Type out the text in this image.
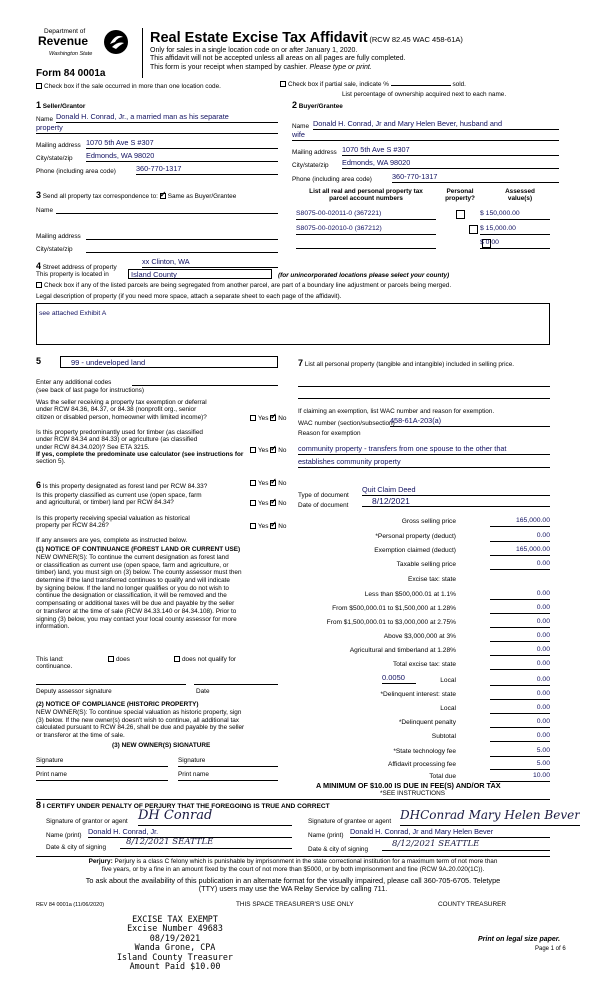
Department of
Revenue
Washington State
Form 84 0001a
Real Estate Excise Tax Affidavit (RCW 82.45 WAC 458-61A)
Only for sales in a single location code on or after January 1, 2020.
This affidavit will not be accepted unless all areas on all pages are fully completed.
This form is your receipt when stamped by cashier. Please type or print.
Check box if the sale occurred in more than one location code.	Check box if partial sale, indicate %	sold.
List percentage of ownership acquired next to each name.
1 Seller/Grantor
Name Donald H. Conrad, Jr., a married man as his separate
property
Mailing address 1070 5th Ave S #307
City/state/zip Edmonds, WA 98020
Phone (including area code)	360-770-1317
2 Buyer/Grantee
Name Donald H. Conrad, Jr and Mary Helen Bever, husband and
wife
Mailing address 1070 5th Ave S #307
City/state/zip Edmonds, WA 98020
Phone (including area code)	360-770-1317
3 Send all property tax correspondence to: ✓ Same as Buyer/Grantee
Name
Mailing address
City/state/zip
List all real and personal property tax
parcel account numbers
Personal
property?
Assessed
value(s)
S8075-00-02011-0 (367221)
	$ 150,000.00
S8075-00-02010-0 (367212)
	$ 15,000.00
$ 0.00
4 Street address of property
xx Clinton, WA
This property is located in	Island County	(for unincorporated locations please select your county)
Check box if any of the listed parcels are being segregated from another parcel, are part of a boundary line adjustment or parcels being merged.
Legal description of property (if you need more space, attach a separate sheet to each page of the affidavit).
see attached Exhibit A
5	99 - undeveloped land
Enter any additional codes
(see back of last page for instructions)
Was the seller receiving a property tax exemption or deferral
under RCW 84.36, 84.37, or 84.38 (nonprofit org., senior
citizen or disabled person, homeowner with limited income)?	Yes ✓ No
Is this property predominantly used for timber (as classified
under RCW 84.34 and 84.33) or agriculture (as classified
under RCW 84.34.020)? See ETA 3215.
If yes, complete the predominate use calculator (see instructions for
section 5).
Yes ✓ No
6 Is this property designated as forest land per RCW 84.33?	Yes ✓ No
Is this property classified as current use (open space, farm
and agricultural, or timber) land per RCW 84.34?	Yes ✓ No
Is this property receiving special valuation as historical
property per RCW 84.26?	Yes ✓ No
If any answers are yes, complete as instructed below.
(1) NOTICE OF CONTINUANCE (FOREST LAND OR CURRENT USE)
NEW OWNER(S): To continue the current designation as forest land
or classification as current use (open space, farm and agriculture, or
timber) land, you must sign on (3) below. The county assessor must then
determine if the land transferred continues to qualify and will indicate
by signing below. If the land no longer qualifies or you do not wish to
continue the designation or classification, it will be removed and the
compensating or additional taxes will be due and payable by the seller
or transferor at the time of sale (RCW 84.33.140 or 84.34.108). Prior to
signing (3) below, you may contact your local county assessor for more
information.
This land:
continuance.
does	does not qualify for
Deputy assessor signature	Date
(2) NOTICE OF COMPLIANCE (HISTORIC PROPERTY)
NEW OWNER(S): To continue special valuation as historic property, sign
(3) below. If the new owner(s) doesn't wish to continue, all additional tax
calculated pursuant to RCW 84.26, shall be due and payable by the seller
or transferor at the time of sale.
(3) NEW OWNER(S) SIGNATURE
Signature	Signature
Print name	Print name
7 List all personal property (tangible and intangible) included in selling price.
If claiming an exemption, list WAC number and reason for exemption.
WAC number (section/subsection)
458-61A-203(a)
Reason for exemption
community property - transfers from one spouse to the other that
establishes community property
Type of document
Quit Claim Deed
Date of document	8/12/2021
Gross selling price	165,000.00
*Personal property (deduct)	0.00
Exemption claimed (deduct)	165,000.00
Taxable selling price	0.00
Excise tax: state
Less than $500,000.01 at 1.1%	0.00
From $500,000.01 to $1,500,000 at 1.28%	0.00
From $1,500,000.01 to $3,000,000 at 2.75%	0.00
Above $3,000,000 at 3%	0.00
Agricultural and timberland at 1.28%	0.00
Total excise tax: state	0.00
Local	0.00
*Delinquent interest: state	0.00
Local	0.00
*Delinquent penalty	0.00
Subtotal	0.00
*State technology fee	5.00
Affidavit processing fee	5.00
Total due	10.00
0.0050
A MINIMUM OF $10.00 IS DUE IN FEE(S) AND/OR TAX
*SEE INSTRUCTIONS
8 I CERTIFY UNDER PENALTY OF PERJURY THAT THE FOREGOING IS TRUE AND CORRECT
Signature of grantor or agent DH Conrad
Name (print) Donald H. Conrad, Jr.
Date & city of signing
8/12/2021 SEATTLE
Signature of grantee or agent DHConrad Mary Helen Bever
Name (print) Donald H. Conrad, Jr and Mary Helen Bever
Date & city of signing
8/12/2021 SEATTLE
Perjury: Perjury is a class C felony which is punishable by imprisonment in the state correctional institution for a maximum term of not more than
five years, or by a fine in an amount fixed by the court of not more than $5000, or by both imprisonment and fine (RCW 9A.20.020(1C)).
To ask about the availability of this publication in an alternate format for the visually impaired, please call 360-705-6705. Teletype
(TTY) users may use the WA Relay Service by calling 711.
REV 84 0001a (11/06/2020)	THIS SPACE TREASURER'S USE ONLY	COUNTY TREASURER
EXCISE TAX EXEMPT
Excise Number 49683
08/19/2021
Wanda Grone, CPA
Island County Treasurer
Amount Paid $10.00
Print on legal size paper.
Page 1 of 6
